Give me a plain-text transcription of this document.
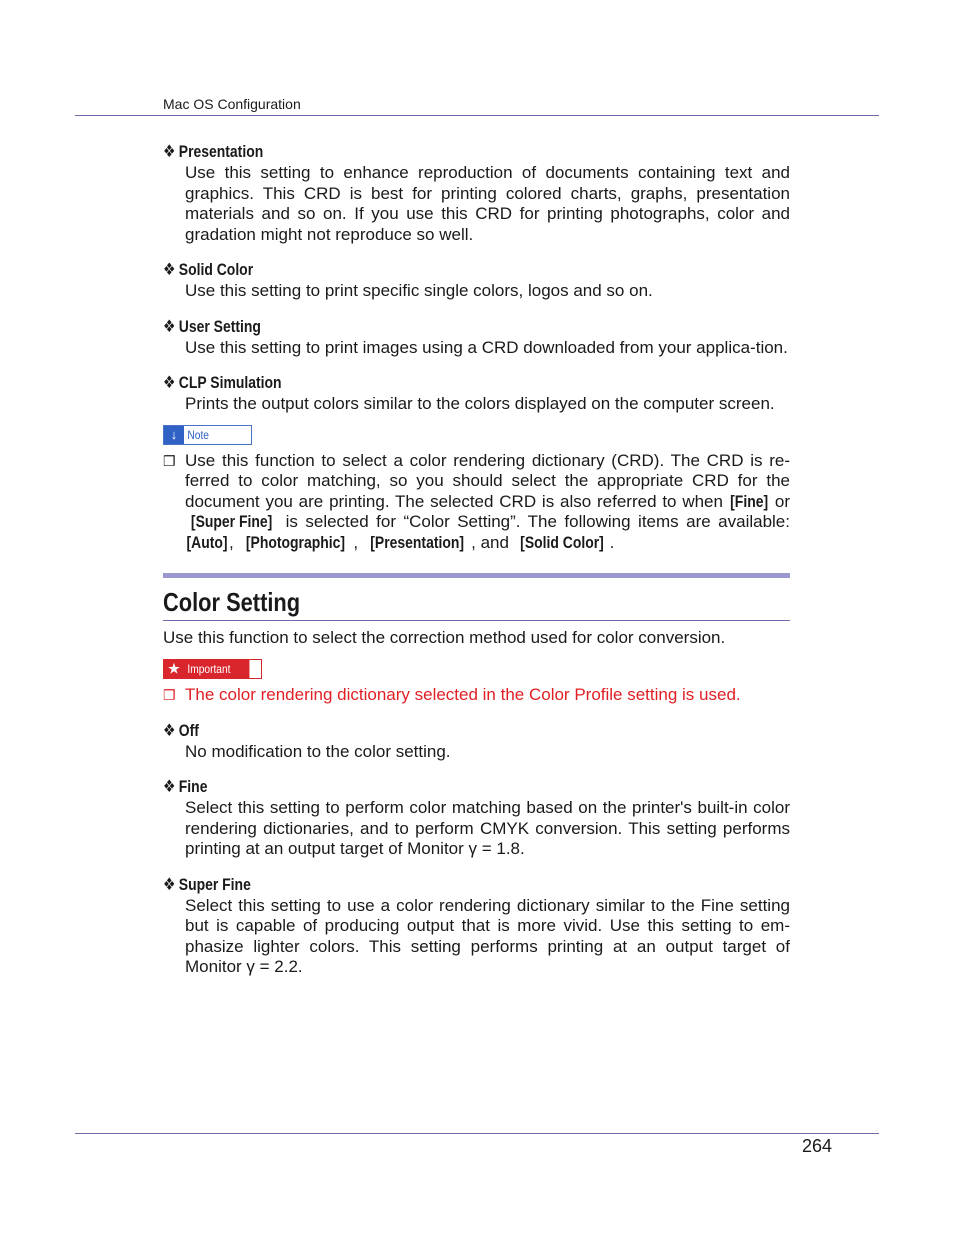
Mac OS Configuration
❖ Presentation
Use this setting to enhance reproduction of documents containing text and graphics. This CRD is best for printing colored charts, graphs, presentation materials and so on. If you use this CRD for printing photographs, color and gradation might not reproduce so well.
❖ Solid Color
Use this setting to print specific single colors, logos and so on.
❖ User Setting
Use this setting to print images using a CRD downloaded from your applica-tion.
❖ CLP Simulation
Prints the output colors similar to the colors displayed on the computer screen.
↓ Note
❒ Use this function to select a color rendering dictionary (CRD). The CRD is re-ferred to color matching, so you should select the appropriate CRD for the document you are printing. The selected CRD is also referred to when [Fine] or [Super Fine] is selected for “Color Setting”. The following items are available: [Auto], [Photographic] , [Presentation] , and [Solid Color] .
Color Setting
Use this function to select the correction method used for color conversion.
★ Important
❒ The color rendering dictionary selected in the Color Profile setting is used.
❖ Off
No modification to the color setting.
❖ Fine
Select this setting to perform color matching based on the printer's built-in color rendering dictionaries, and to perform CMYK conversion. This setting performs printing at an output target of Monitor γ = 1.8.
❖ Super Fine
Select this setting to use a color rendering dictionary similar to the Fine setting but is capable of producing output that is more vivid. Use this setting to em-phasize lighter colors. This setting performs printing at an output target of Monitor γ = 2.2.
264
